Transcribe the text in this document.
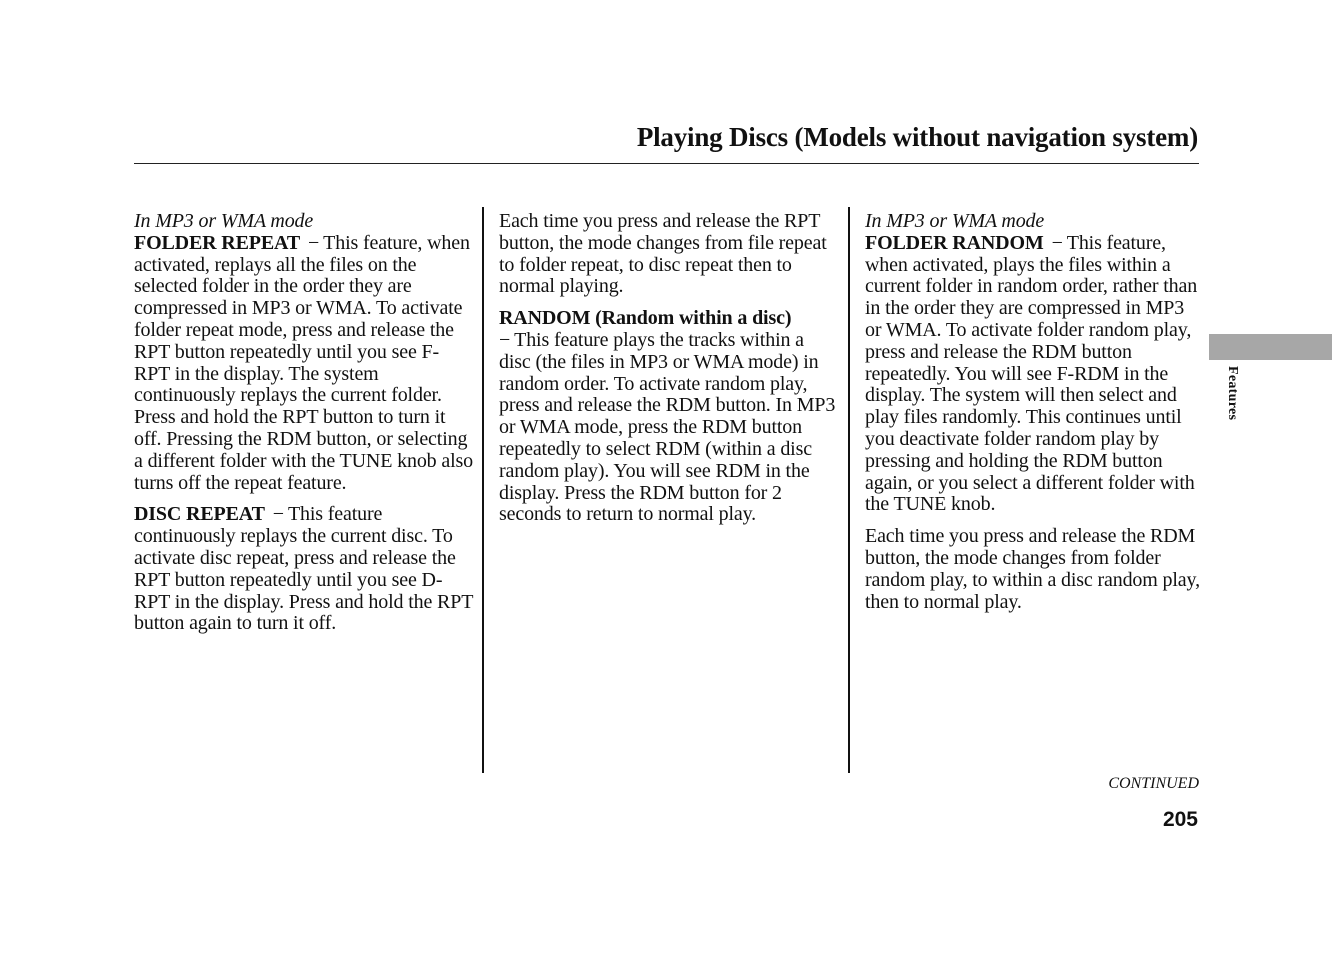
Playing Discs (Models without navigation system)

In MP3 or WMA mode
FOLDER REPEAT − This feature, when activated, replays all the files on the selected folder in the order they are compressed in MP3 or WMA. To activate folder repeat mode, press and release the RPT button repeatedly until you see F-RPT in the display. The system continuously replays the current folder. Press and hold the RPT button to turn it off. Pressing the RDM button, or selecting a different folder with the TUNE knob also turns off the repeat feature.

DISC REPEAT − This feature continuously replays the current disc. To activate disc repeat, press and release the RPT button repeatedly until you see D-RPT in the display. Press and hold the RPT button again to turn it off.

Each time you press and release the RPT button, the mode changes from file repeat to folder repeat, to disc repeat then to normal playing.

RANDOM (Random within a disc)
− This feature plays the tracks within a disc (the files in MP3 or WMA mode) in random order. To activate random play, press and release the RDM button. In MP3 or WMA mode, press the RDM button repeatedly to select RDM (within a disc random play). You will see RDM in the display. Press the RDM button for 2 seconds to return to normal play.

In MP3 or WMA mode
FOLDER RANDOM − This feature, when activated, plays the files within a current folder in random order, rather than in the order they are compressed in MP3 or WMA. To activate folder random play, press and release the RDM button repeatedly. You will see F-RDM in the display. The system will then select and play files randomly. This continues until you deactivate folder random play by pressing and holding the RDM button again, or you select a different folder with the TUNE knob.

Each time you press and release the RDM button, the mode changes from folder random play, to within a disc random play, then to normal play.

Features
CONTINUED
205
